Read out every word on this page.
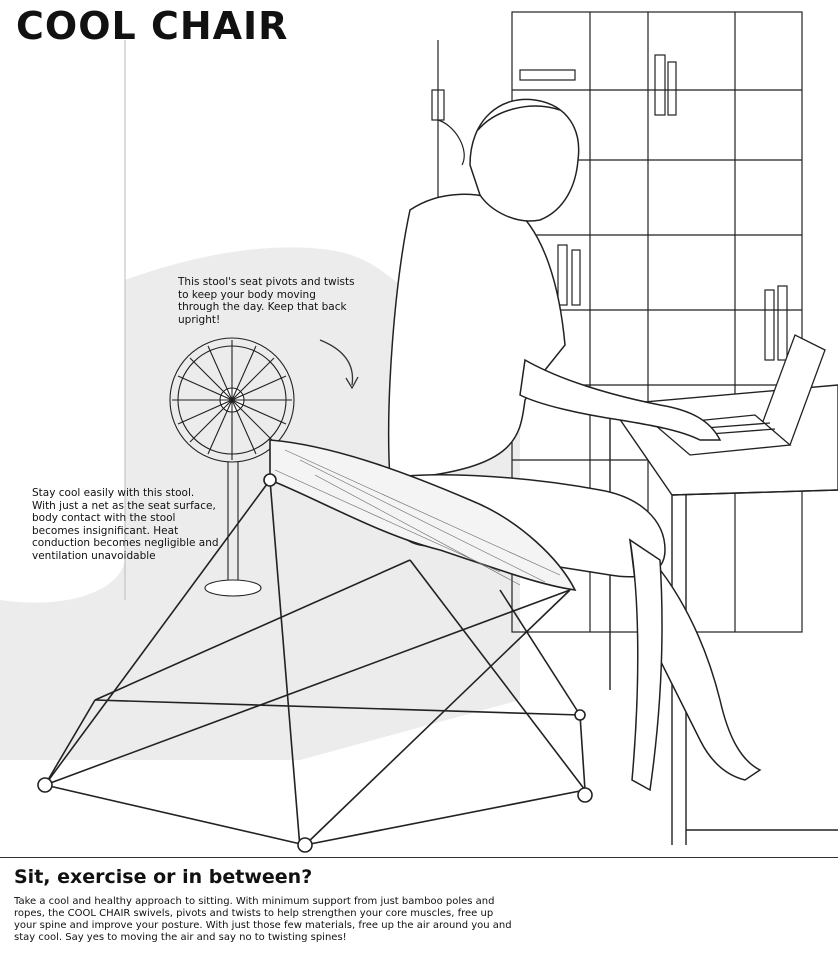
COOL CHAIR
This stool's seat pivots and twists to keep your body moving through the day. Keep that back upright!
Stay cool easily with this stool. With just a net as the seat surface, body contact with the stool becomes insignificant. Heat conduction becomes negligible and ventilation unavoidable
Sit, exercise or in between?

Take a cool and healthy approach to sitting. With minimum support from just bamboo poles and ropes, the COOL CHAIR swivels, pivots and twists to help strengthen your core muscles, free up your spine and improve your posture. With just those few materials, free up the air around you and stay cool. Say yes to moving the air and say no to twisting spines!
